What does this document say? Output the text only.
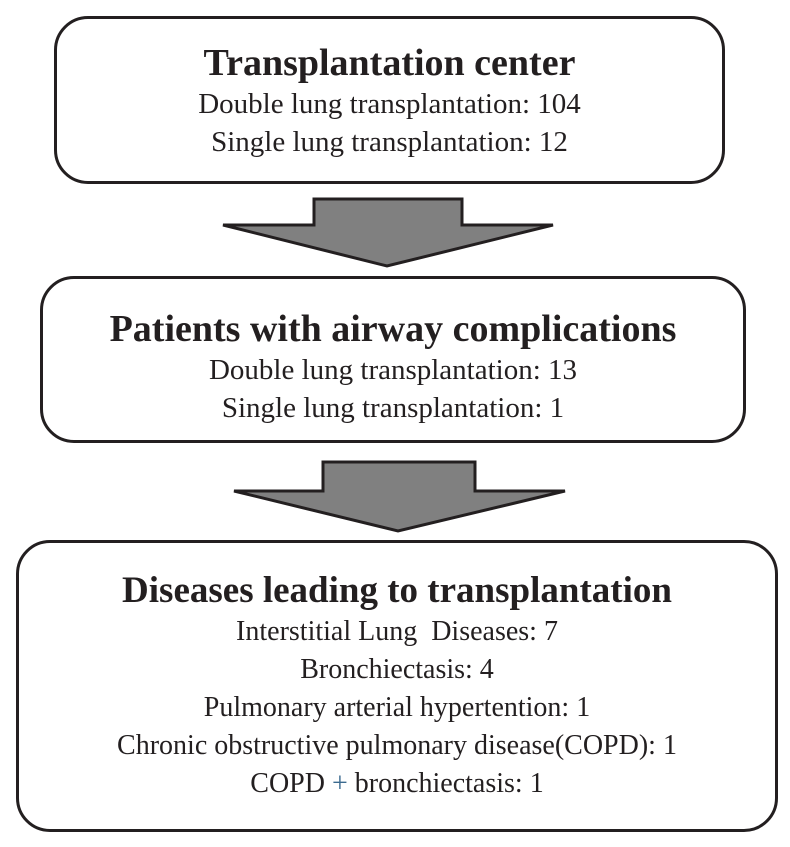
Transplantation center
Double lung transplantation: 104
Single lung transplantation: 12
Patients with airway complications
Double lung transplantation: 13
Single lung transplantation: 1
Diseases leading to transplantation
Interstitial Lung  Diseases: 7
Bronchiectasis: 4
Pulmonary arterial hypertention: 1
Chronic obstructive pulmonary disease(COPD): 1
COPD + bronchiectasis: 1
